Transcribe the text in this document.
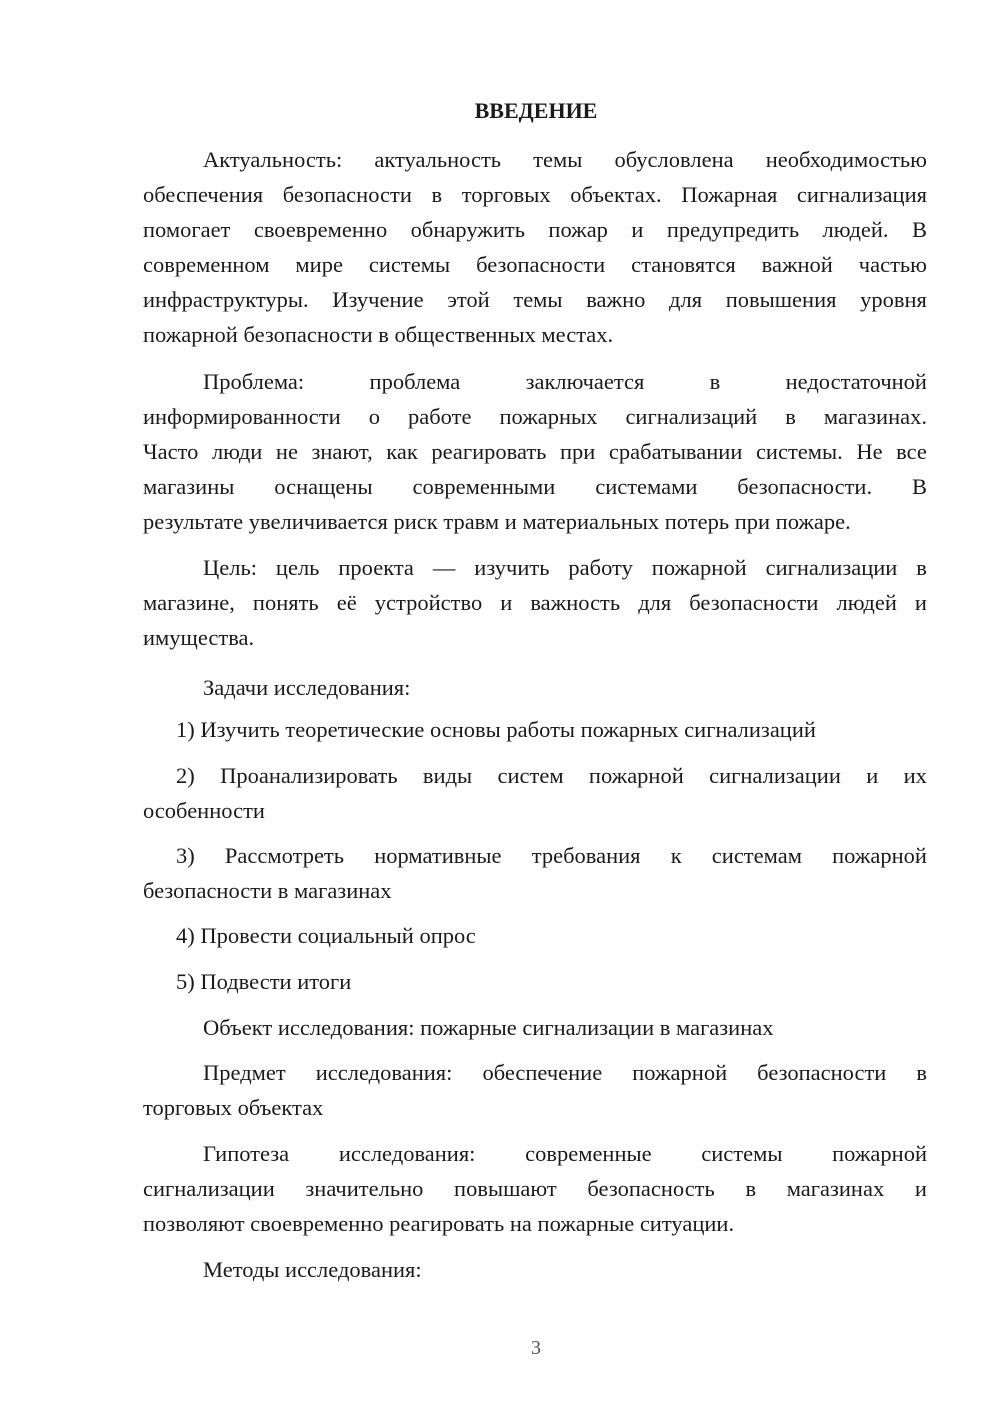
ВВЕДЕНИЕ
Актуальность: актуальность темы обусловлена необходимостью
обеспечения безопасности в торговых объектах. Пожарная сигнализация
помогает своевременно обнаружить пожар и предупредить людей. В
современном мире системы безопасности становятся важной частью
инфраструктуры. Изучение этой темы важно для повышения уровня
пожарной безопасности в общественных местах.
Проблема:	проблема	заключается	в	недостаточной
информированности о работе пожарных сигнализаций в магазинах.
Часто люди не знают, как реагировать при срабатывании системы. Не все
магазины оснащены современными системами безопасности. В
результате увеличивается риск травм и материальных потерь при пожаре.
Цель: цель проекта — изучить работу пожарной сигнализации в
магазине, понять её устройство и важность для безопасности людей и
имущества.
Задачи исследования:
1) Изучить теоретические основы работы пожарных сигнализаций
2) Проанализировать виды систем пожарной сигнализации и их
особенности
3) Рассмотреть нормативные требования к системам пожарной
безопасности в магазинах
4) Провести социальный опрос
5) Подвести итоги
Объект исследования: пожарные сигнализации в магазинах
Предмет исследования: обеспечение пожарной безопасности в
торговых объектах
Гипотеза исследования: современные системы пожарной
сигнализации значительно повышают безопасность в магазинах и
позволяют своевременно реагировать на пожарные ситуации.
Методы исследования:
3
